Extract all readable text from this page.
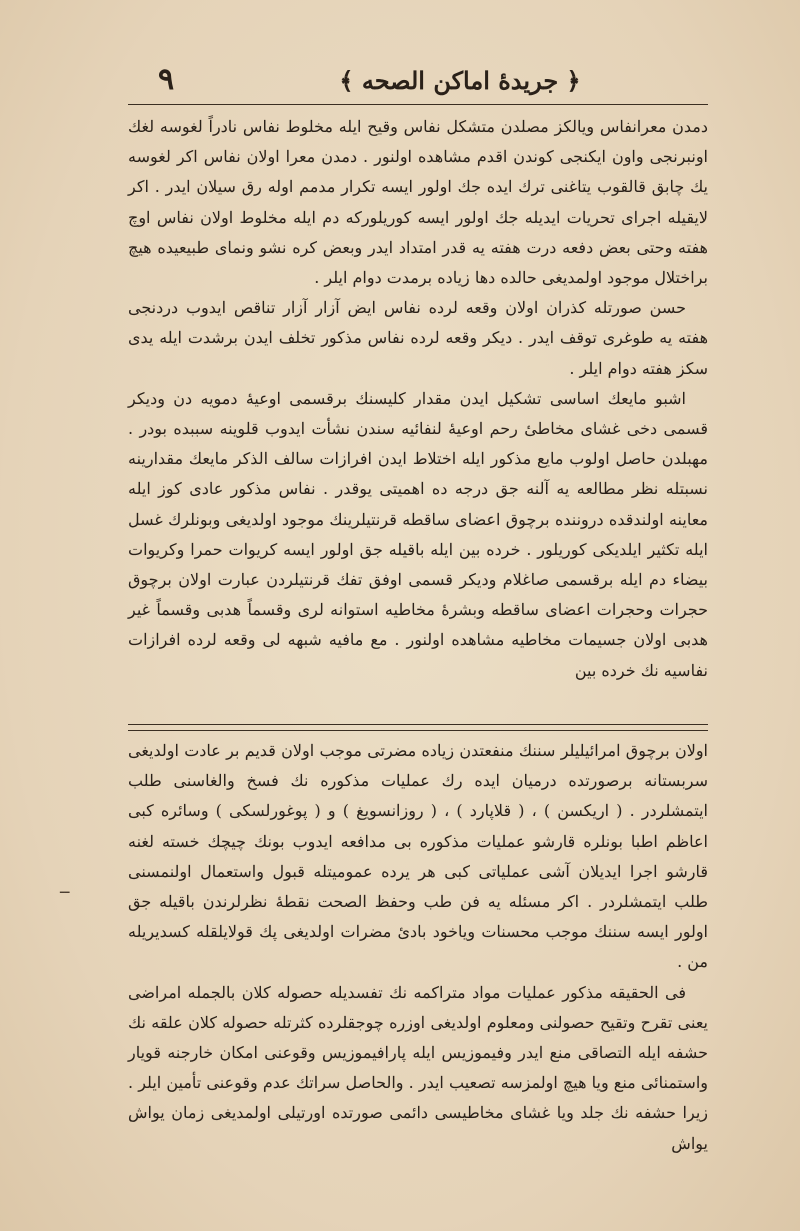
٩	﴿ جریدهٔ اماکن الصحه ﴾

دمدن معرانفاس ویالکز مصلدن متشکل نفاس وقیح ایله مخلوط نفاس نادراً لغوسه لغك اونبرنجی واون ایکنجی کوندن اقدم مشاهده اولنور . دمدن معرا اولان نفاس اکر لغوسه یك چابق قالقوب یتاغنی ترك ایده جك اولور ایسه تکرار مدمم اوله رق سیلان ایدر . اکر لایقیله اجرای تحریات ایدیله جك اولور ایسه کوریلورکه دم ایله مخلوط اولان نفاس اوچ هفته وحتی بعض دفعه درت هفته یه قدر امتداد ایدر وبعض کره نشو ونمای طبیعیده هیچ براختلال موجود اولمدیغی حالده دها زیاده برمدت دوام ایلر .

حسن صورتله کذران اولان وقعه لرده نفاس ایض آزار آزار تناقص ایدوب دردنجی هفته یه طوغری توقف ایدر . دیکر وقعه لرده نفاس مذکور تخلف ایدن برشدت ایله یدی سکز هفته دوام ایلر .

اشبو مایعك اساسی تشکیل ایدن مقدار کلیسنك برقسمی اوعیهٔ دمویه دن ودیکر قسمی دخی غشای مخاطیٔ رحم اوعیهٔ لنفائیه سندن نشأت ایدوب قلوینه سببده بودر . مهبلدن حاصل اولوب مایع مذکور ایله اختلاط ایدن افرازات سالف الذکر مایعك مقدارینه نسبتله نظر مطالعه یه آلنه جق درجه ده اهمیتی یوقدر . نفاس مذکور عادی کوز ایله معاینه اولندقده دروننده برچوق اعضای ساقطه قرنتیلرینك موجود اولدیغی وبونلرك غسل ایله تکثیر ایلدیکی کوریلور . خرده بین ایله باقیله جق اولور ایسه کریوات حمرا وکریوات بیضاء دم ایله برقسمی صاغلام ودیکر قسمی اوفق تفك قرنتیلردن عبارت اولان برچوق حجرات وحجرات اعضای ساقطه وبشرهٔ مخاطیه استوانه لری وقسماً هدبی وقسماً غیر هدبی اولان جسیمات مخاطیه مشاهده اولنور . مع مافیه شبهه لی وقعه لرده افرازات نفاسیه نك خرده بین

اولان برچوق امرائیلیلر سننك منفعتدن زیاده مضرتی موجب اولان قدیم بر عادت اولدیغی سربستانه برصورتده درمیان ایده رك عملیات مذکوره نك فسخ والغاسنی طلب ایتمشلردر . ( اریکسن ) ، ( قلاپارد ) ، ( روزانسویغ ) و ( پوغورلسکی ) وسائره کبی اعاظم اطبا بونلره قارشو عملیات مذکوره بی مدافعه ایدوب بونك چیچك خسته لغنه قارشو اجرا ایدیلان آشی عملیاتی کبی هر یرده عمومیتله قبول واستعمال اولنمسنی طلب ایتمشلردر . اکر مسئله یه فن طب وحفظ الصحت نقطهٔ نظرلرندن باقیله جق اولور ایسه سننك موجب محسنات ویاخود بادئ مضرات اولدیغی پك قولایلقله کسدیریله من .

فی الحقیقه مذکور عملیات مواد متراکمه نك تفسدیله حصوله کلان بالجمله امراضی یعنی تقرح وتقیح حصولنی ومعلوم اولدیغی اوزره چوجقلرده کثرتله حصوله کلان علقه نك حشفه ایله التصاقی منع ایدر وفیموزیس ایله پارافیموزیس وقوعنی امکان خارجنه قویار واستمنائی منع ویا هیچ اولمزسه تصعیب ایدر . والحاصل سراتك عدم وقوعنی تأمین ایلر . زیرا حشفه نك جلد ویا غشای مخاطیسی دائمی صورتده اورتیلی اولمدیغی زمان یواش یواش

ــ
